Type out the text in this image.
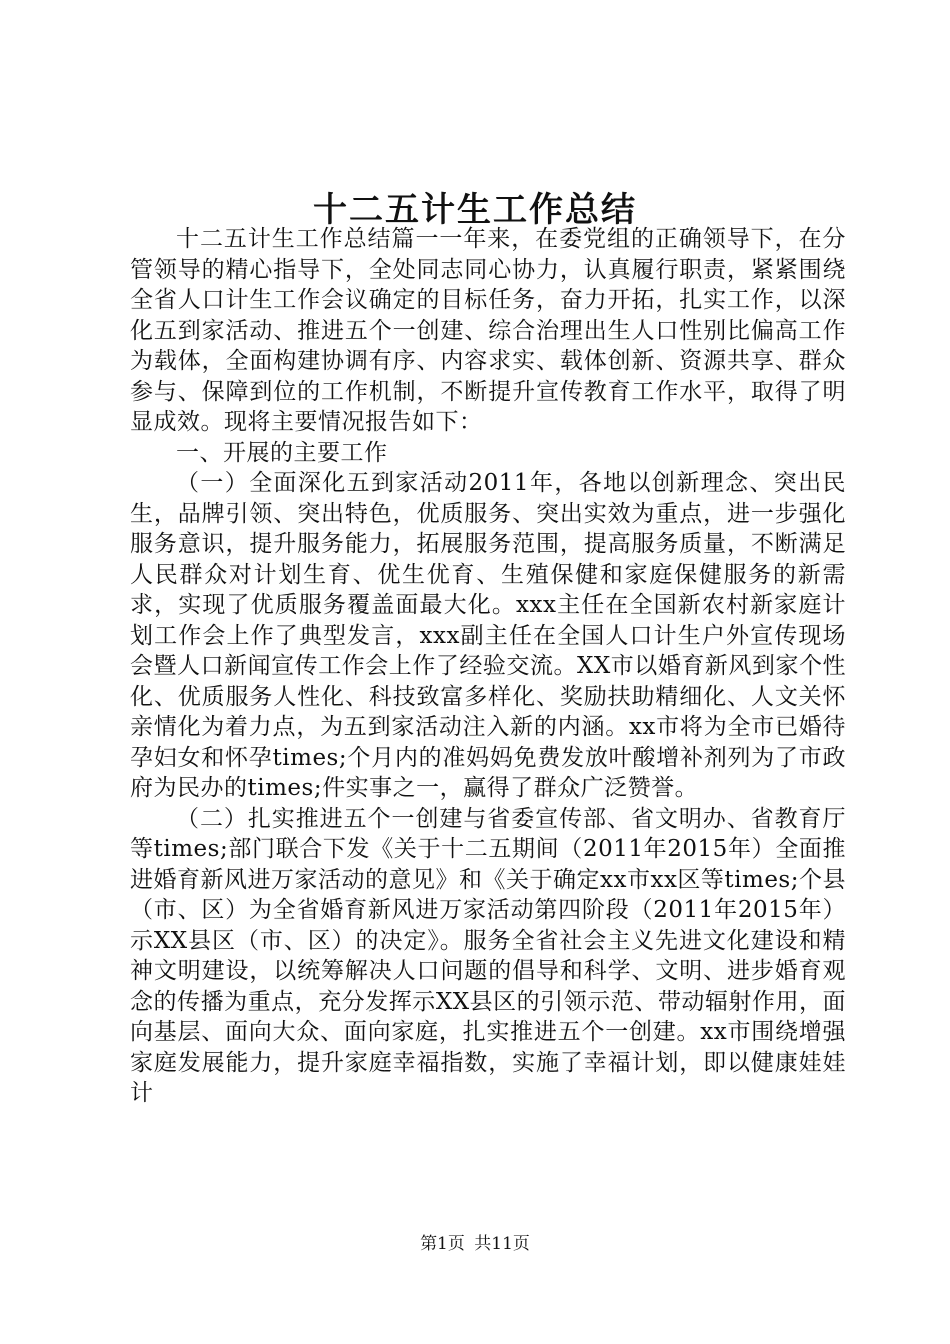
十二五计生工作总结

十二五计生工作总结篇一一年来，在委党组的正确领导下，在分管领导的精心指导下，全处同志同心协力，认真履行职责，紧紧围绕全省人口计生工作会议确定的目标任务，奋力开拓，扎实工作，以深化五到家活动、推进五个一创建、综合治理出生人口性别比偏高工作为载体，全面构建协调有序、内容求实、载体创新、资源共享、群众参与、保障到位的工作机制，不断提升宣传教育工作水平，取得了明显成效。现将主要情况报告如下：

一、开展的主要工作

（一）全面深化五到家活动2011年，各地以创新理念、突出民生，品牌引领、突出特色，优质服务、突出实效为重点，进一步强化服务意识，提升服务能力，拓展服务范围，提高服务质量，不断满足人民群众对计划生育、优生优育、生殖保健和家庭保健服务的新需求，实现了优质服务覆盖面最大化。xxx主任在全国新农村新家庭计划工作会上作了典型发言，xxx副主任在全国人口计生户外宣传现场会暨人口新闻宣传工作会上作了经验交流。XX市以婚育新风到家个性化、优质服务人性化、科技致富多样化、奖励扶助精细化、人文关怀亲情化为着力点，为五到家活动注入新的内涵。xx市将为全市已婚待孕妇女和怀孕times;个月内的准妈妈免费发放叶酸增补剂列为了市政府为民办的times;件实事之一，赢得了群众广泛赞誉。

（二）扎实推进五个一创建与省委宣传部、省文明办、省教育厅等times;部门联合下发《关于十二五期间（2011年2015年）全面推进婚育新风进万家活动的意见》和《关于确定xx市xx区等times;个县（市、区）为全省婚育新风进万家活动第四阶段（2011年2015年）示XX县区（市、区）的决定》。服务全省社会主义先进文化建设和精神文明建设，以统筹解决人口问题的倡导和科学、文明、进步婚育观念的传播为重点，充分发挥示XX县区的引领示范、带动辐射作用，面向基层、面向大众、面向家庭，扎实推进五个一创建。xx市围绕增强家庭发展能力，提升家庭幸福指数，实施了幸福计划，即以健康娃娃计

第1页 共11页
